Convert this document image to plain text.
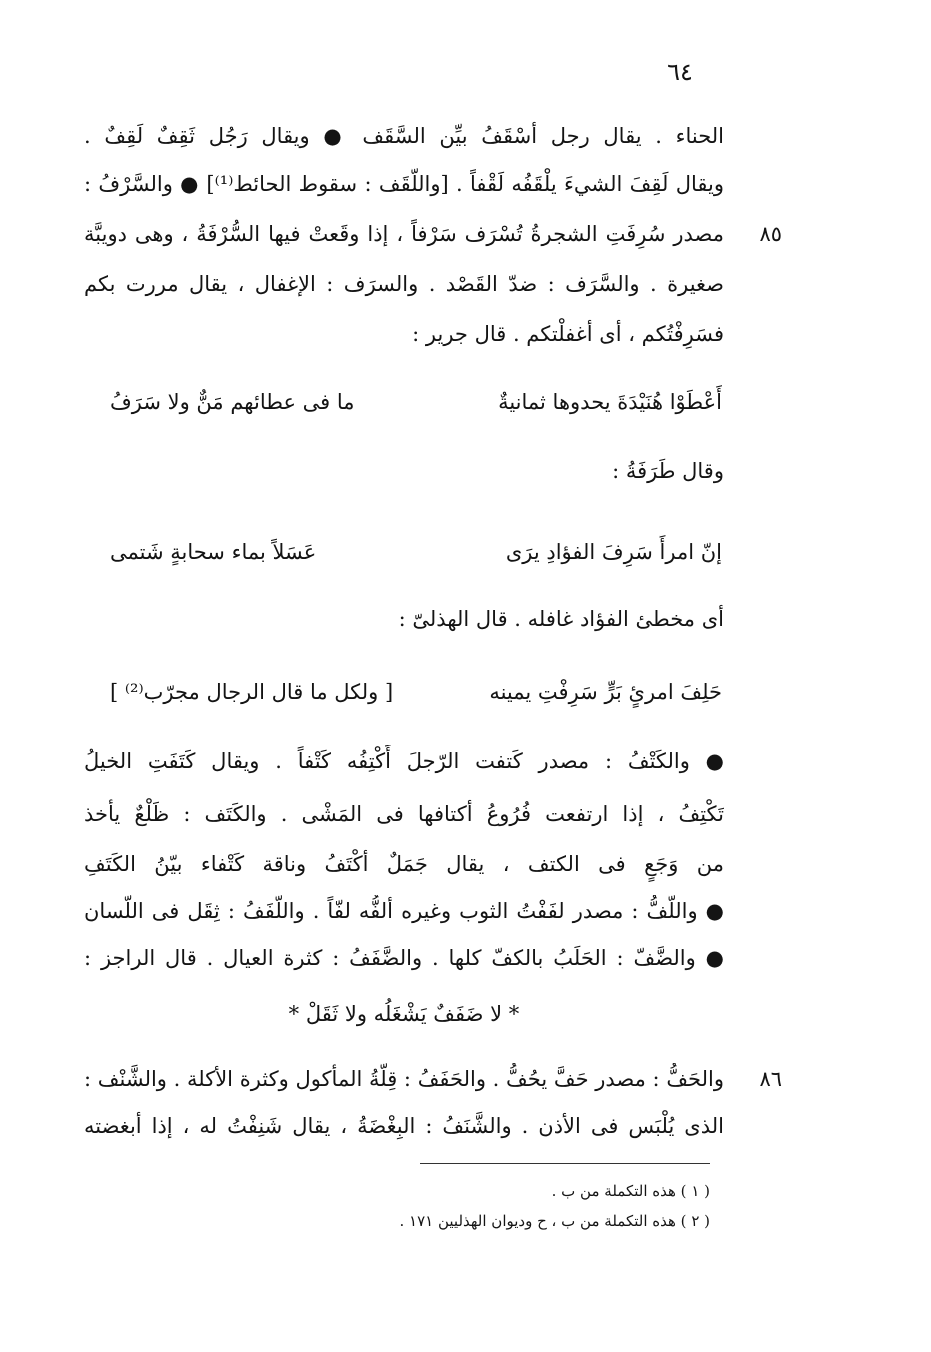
٦٤
الحناء . يقال رجل أسْقَفُ بيِّن السَّقَف ● ويقال رَجُل ثَقِفٌ لَقِفٌ .
ويقال لَقِفَ الشيءَ يلْقَفُه لَقْفاً . [واللَّقَف : سقوط الحائط⁽¹⁾] ● والسَّرْفُ :
مصدر سُرِفَتِ الشجرةُ تُسْرَف سَرْفاً ، إذا وقَعتْ فيها السُّرْفَةُ ، وهى دويبَّة	٨٥
صغيرة . والسَّرَف : ضدّ القَصْد . والسرَف : الإغفال ، يقال مررت بكم
فسَرِفْتُكم ، أى أغفلْتكم . قال جرير :
أَعْطَوْا هُنَيْدَةَ يحدوها ثمانيةٌ
ما فى عطائهم مَنٌّ ولا سَرَفُ
وقال طَرَفَةُ :
إنّ امرأً سَرِفَ الفؤادِ يرَى
عَسَلاً بماء سحابةٍ شَتمى
أى مخطئ الفؤاد غافله . قال الهذلىّ :
حَلِفَ امرئٍ بَرٍّ سَرِفْتِ يمينه
[ ولكل ما قال الرجال مجرّب⁽²⁾ ]
● والكَتْفُ : مصدر كَتفت الرّجلَ أَكْتِفُه كَتْفاً . ويقال كَتَفَتِ الخيلُ
تَكْتِفُ ، إذا ارتفعت فُرُوعُ أكتافها فى المَشْى . والكَتَف : ظَلْعٌ يأْخذ
من وَجَعٍ فى الكتف ، يقال جَمَلٌ أكْتَفُ وناقة كَتْفاء بيّنُ الكَتَفِ
● واللَّفُّ : مصدر لفَفْتُ الثوب وغيره ألفُّه لفّاً . واللَّفَفُ : ثِقَل فى اللّسان
● والضَّفّ : الحَلَبُ بالكفّ كلها . والضَّفَفُ : كثرة العيال . قال الراجز :
* لا ضَفَفٌ يَشْغَلُه ولا ثَقَلْ *
والحَفُّ : مصدر حَفَّ يحُفُّ . والحَفَفُ : قِلَّةُ المأكول وكثرة الأكلة . والشَّنْف :	٨٦
الذى يُلْبَس فى الأذن . والشَّنَفُ : البِغْضَةُ ، يقال شَنِفْتُ له ، إذا أبغضته
( ١ ) هذه التكملة من ب .
( ٢ ) هذه التكملة من ب ، ح وديوان الهذليين ١٧١ .
